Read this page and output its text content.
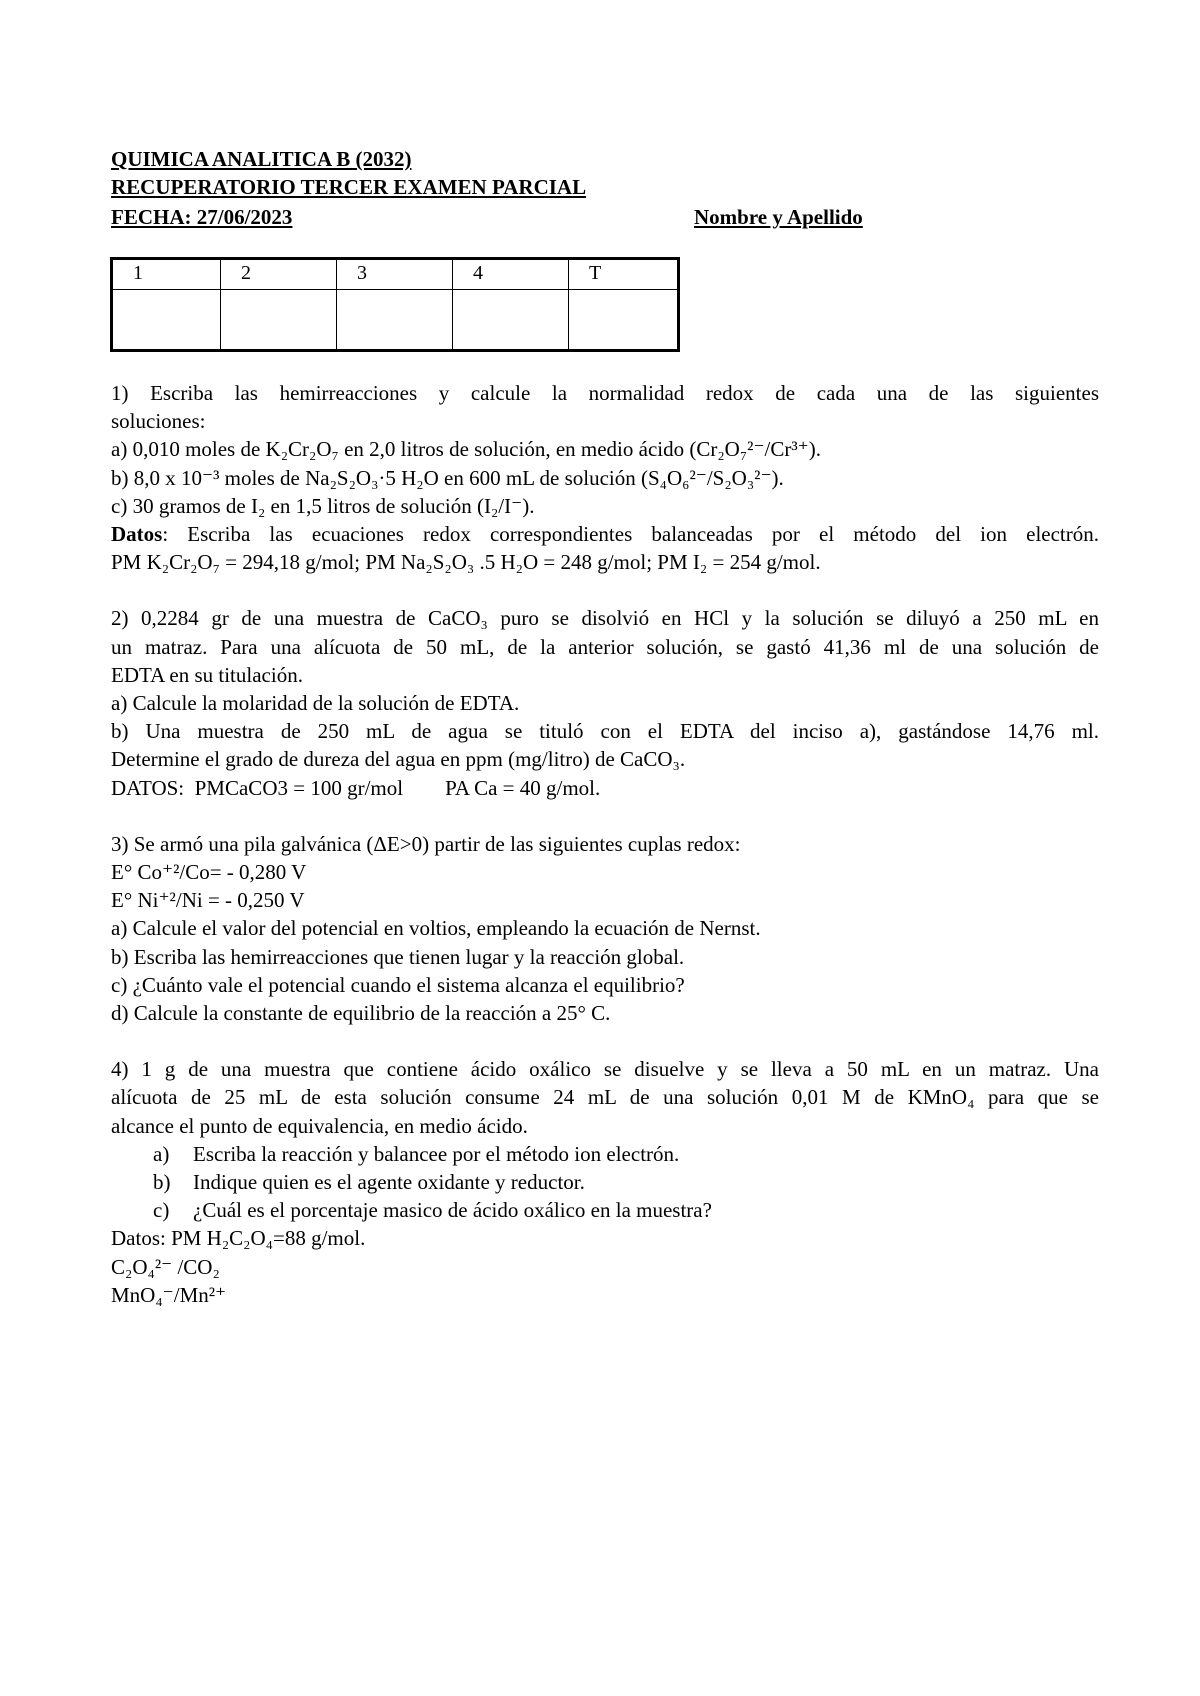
QUIMICA ANALITICA B (2032)
RECUPERATORIO TERCER EXAMEN PARCIAL
FECHA: 27/06/2023	Nombre y Apellido
1	2	3	4	T

1) Escriba las hemirreacciones y calcule la normalidad redox de cada una de las siguientes

soluciones:

a) 0,010 moles de K₂Cr₂O₇ en 2,0 litros de solución, en medio ácido (Cr₂O₇²⁻/Cr³⁺).

b) 8,0 x 10⁻³ moles de Na₂S₂O₃·5 H₂O en 600 mL de solución (S₄O₆²⁻/S₂O₃²⁻).

c) 30 gramos de I₂ en 1,5 litros de solución (I₂/I⁻).

Datos: Escriba las ecuaciones redox correspondientes balanceadas por el método del ion electrón.

PM K₂Cr₂O₇ = 294,18 g/mol; PM Na₂S₂O₃ .5 H₂O = 248 g/mol; PM I₂ = 254 g/mol.

2) 0,2284 gr de una muestra de CaCO₃ puro se disolvió en HCl y la solución se diluyó a 250 mL en

un matraz. Para una alícuota de 50 mL, de la anterior solución, se gastó 41,36 ml de una solución de

EDTA en su titulación.

a) Calcule la molaridad de la solución de EDTA.

b) Una muestra de 250 mL de agua se tituló con el EDTA del inciso a), gastándose 14,76 ml.

Determine el grado de dureza del agua en ppm (mg/litro) de CaCO₃.

DATOS:  PMCaCO3 = 100 gr/mol        PA Ca = 40 g/mol.

3) Se armó una pila galvánica (ΔE>0) partir de las siguientes cuplas redox:

E° Co⁺²/Co= - 0,280 V

E° Ni⁺²/Ni = - 0,250 V

a) Calcule el valor del potencial en voltios, empleando la ecuación de Nernst.

b) Escriba las hemirreacciones que tienen lugar y la reacción global.

c) ¿Cuánto vale el potencial cuando el sistema alcanza el equilibrio?

d) Calcule la constante de equilibrio de la reacción a 25° C.

4) 1 g de una muestra que contiene ácido oxálico se disuelve y se lleva a 50 mL en un matraz. Una

alícuota de 25 mL de esta solución consume 24 mL de una solución 0,01 M de KMnO₄ para que se

alcance el punto de equivalencia, en medio ácido.

a) Escriba la reacción y balancee por el método ion electrón.

b) Indique quien es el agente oxidante y reductor.

c) ¿Cuál es el porcentaje masico de ácido oxálico en la muestra?

Datos: PM H₂C₂O₄=88 g/mol.

C₂O₄²⁻ /CO₂

MnO₄⁻/Mn²⁺
